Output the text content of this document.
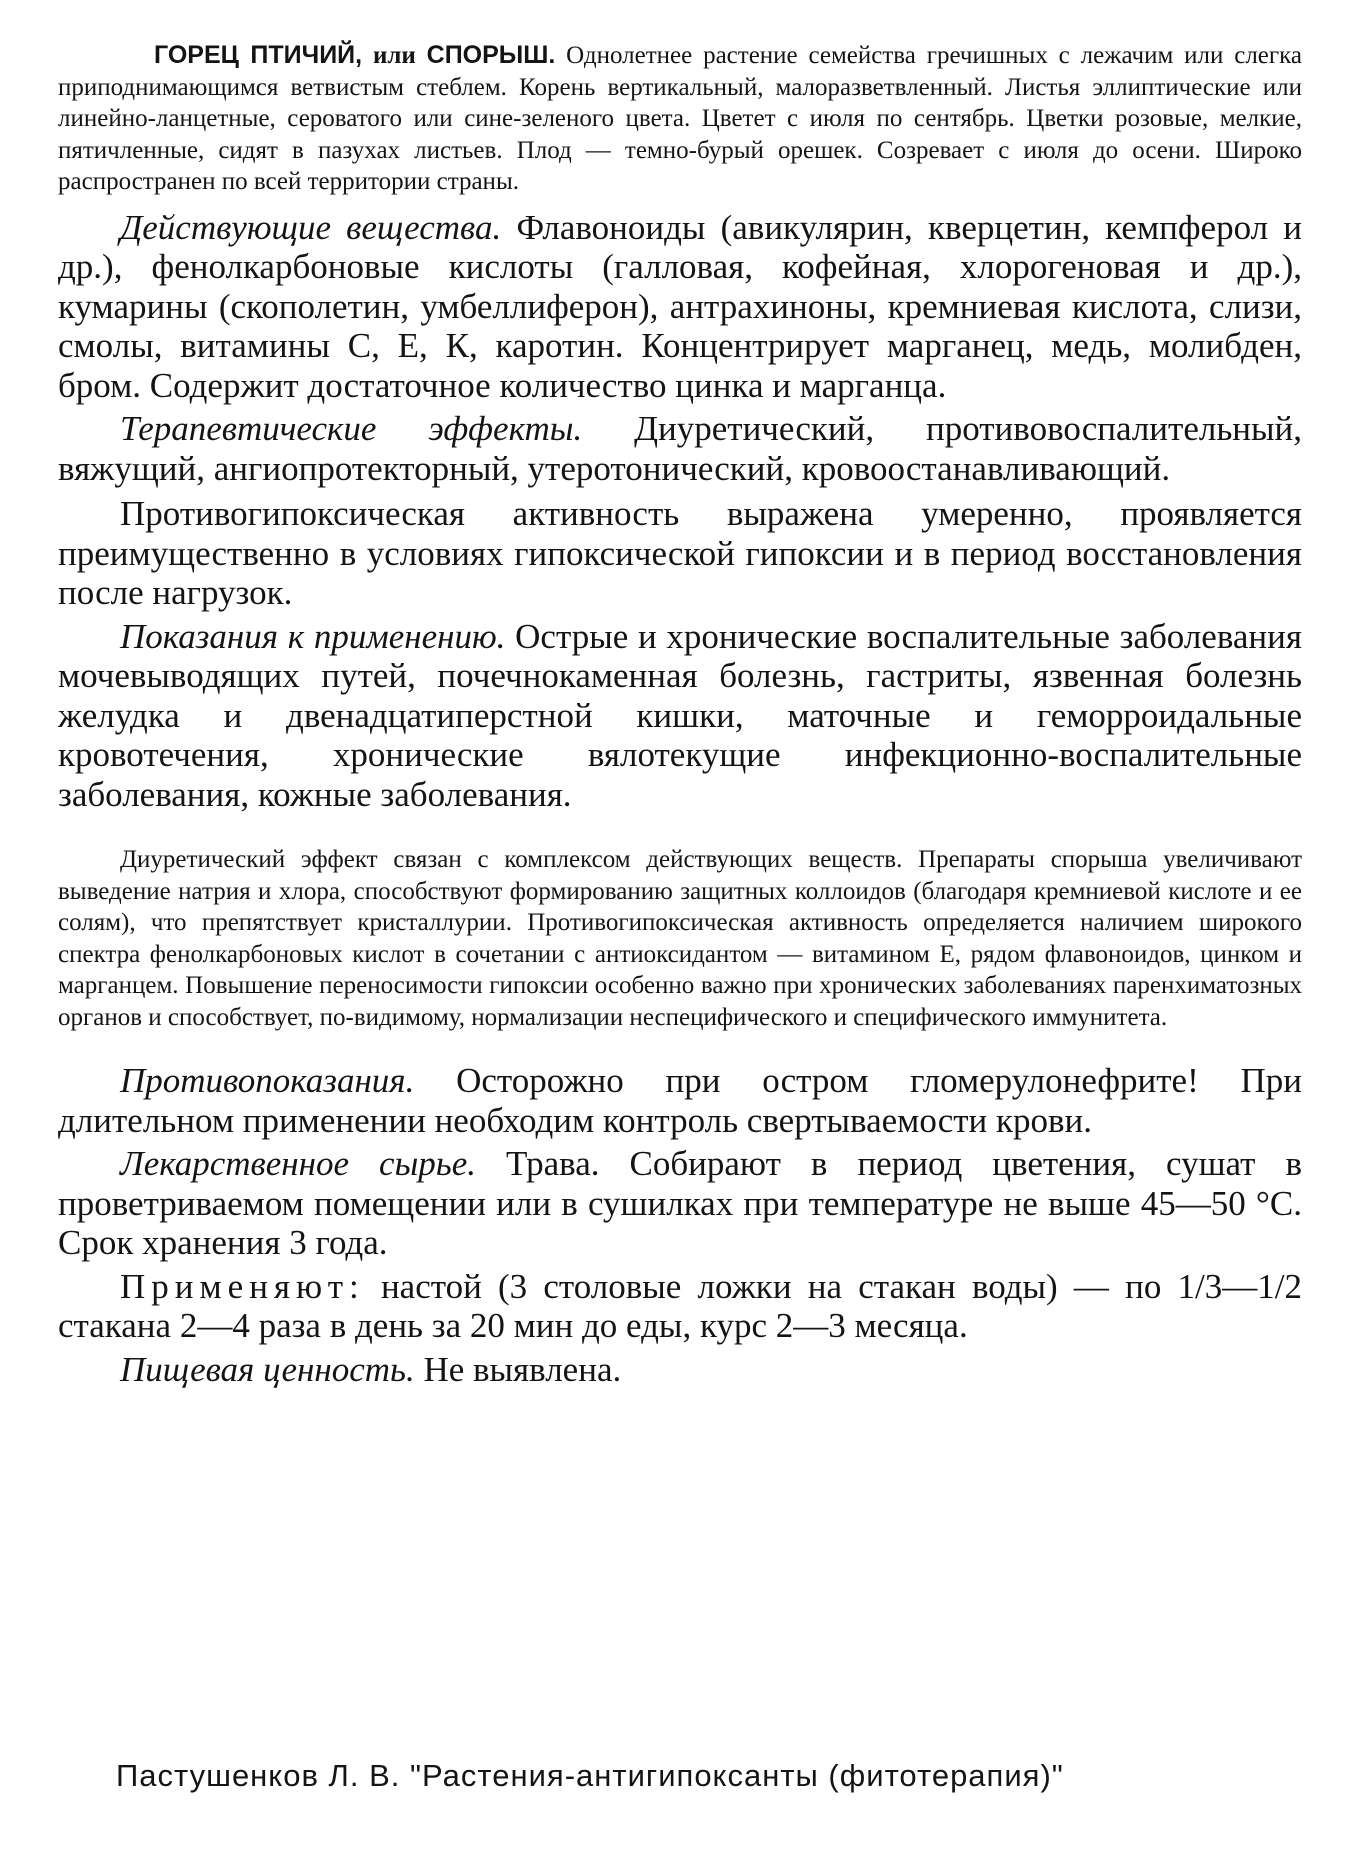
ГОРЕЦ ПТИЧИЙ, или СПОРЫШ. Однолетнее растение семейства гречишных с лежачим или слегка приподнимающимся ветвистым стеблем. Корень вертикальный, малоразветвленный. Листья эллиптические или линейно-ланцетные, сероватого или сине-зеленого цвета. Цветет с июля по сентябрь. Цветки розовые, мелкие, пятичленные, сидят в пазухах листьев. Плод — темно-бурый орешек. Созревает с июля до осени. Широко распространен по всей территории страны.

Действующие вещества. Флавоноиды (авикулярин, кверцетин, кемпферол и др.), фенолкарбоновые кислоты (галловая, кофейная, хлорогеновая и др.), кумарины (скополетин, умбеллиферон), антрахиноны, кремниевая кислота, слизи, смолы, витамины С, Е, К, каротин. Концентрирует марганец, медь, молибден, бром. Содержит достаточное количество цинка и марганца.

Терапевтические эффекты. Диуретический, противовоспалительный, вяжущий, ангиопротекторный, утеротонический, кровоостанавливающий.

Противогипоксическая активность выражена умеренно, проявляется преимущественно в условиях гипоксической гипоксии и в период восстановления после нагрузок.

Показания к применению. Острые и хронические воспалительные заболевания мочевыводящих путей, почечнокаменная болезнь, гастриты, язвенная болезнь желудка и двенадцатиперстной кишки, маточные и геморроидальные кровотечения, хронические вялотекущие инфекционно-воспалительные заболевания, кожные заболевания.

Диуретический эффект связан с комплексом действующих веществ. Препараты спорыша увеличивают выведение натрия и хлора, способствуют формированию защитных коллоидов (благодаря кремниевой кислоте и ее солям), что препятствует кристаллурии. Противогипоксическая активность определяется наличием широкого спектра фенолкарбоновых кислот в сочетании с антиоксидантом — витамином Е, рядом флавоноидов, цинком и марганцем. Повышение переносимости гипоксии особенно важно при хронических заболеваниях паренхиматозных органов и способствует, по-видимому, нормализации неспецифического и специфического иммунитета.

Противопоказания. Осторожно при остром гломерулонефрите! При длительном применении необходим контроль свертываемости крови.

Лекарственное сырье. Трава. Собирают в период цветения, сушат в проветриваемом помещении или в сушилках при температуре не выше 45—50 °С. Срок хранения 3 года.

Применяют: настой (3 столовые ложки на стакан воды) — по 1/3—1/2 стакана 2—4 раза в день за 20 мин до еды, курс 2—3 месяца.

Пищевая ценность. Не выявлена.

Пастушенков Л. В. "Растения-антигипоксанты (фитотерапия)"
